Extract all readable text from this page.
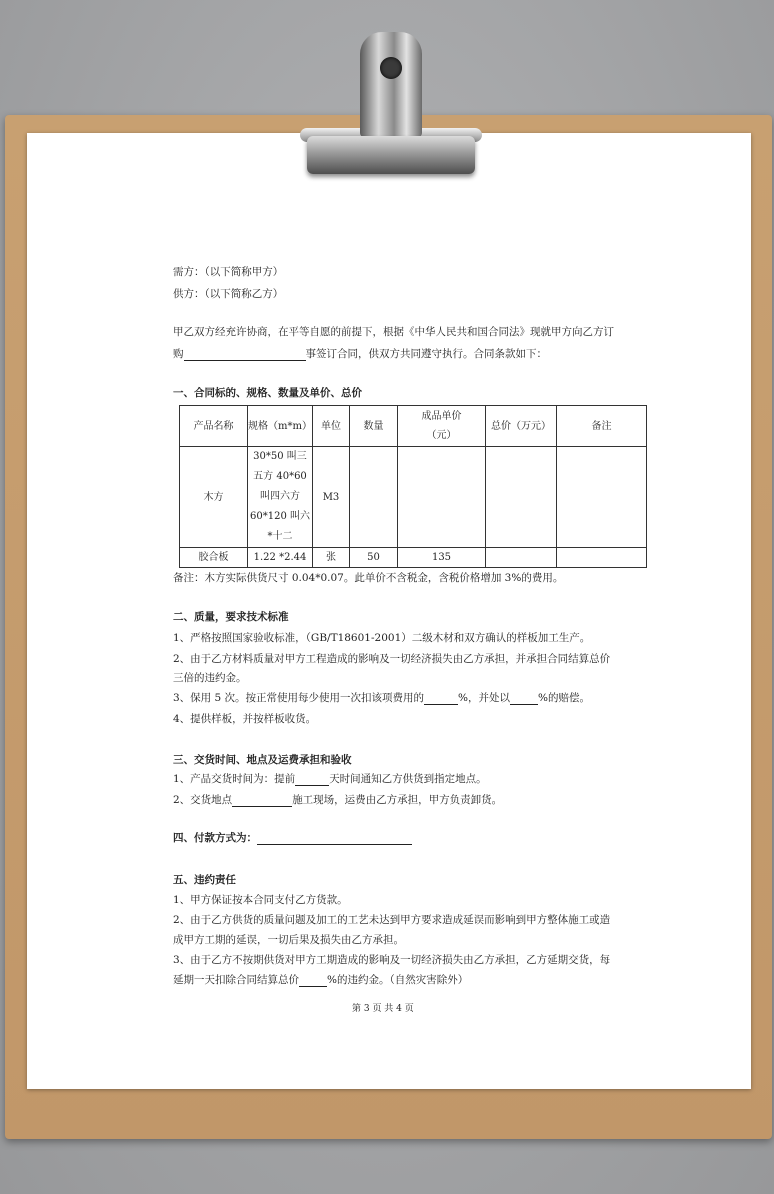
需方：（以下简称甲方）
供方：（以下简称乙方）
甲乙双方经充许协商，在平等自愿的前提下，根据《中华人民共和国合同法》现就甲方向乙方订
购	事签订合同，供双方共同遵守执行。合同条款如下：
一、合同标的、规格、数量及单价、总价
产品名称	规格（m*m）	单位	数量	成品单价（元）	总价（万元）	备注
木方	30*50 叫三
五方 40*60
叫四六方
60*120 叫六
*十二	M3				
胶合板	1.22 *2.44	张	50	135		
备注：木方实际供货尺寸 0.04*0.07。此单价不含税金，含税价格增加 3%的费用。
二、质量，要求技术标准
1、严格按照国家验收标准，（GB/T18601-2001）二级木材和双方确认的样板加工生产。
2、由于乙方材料质量对甲方工程造成的影响及一切经济损失由乙方承担，并承担合同结算总价
三倍的违约金。
3、保用 5 次。按正常使用每少使用一次扣该项费用的	%，并处以	%的赔偿。
4、提供样板，并按样板收货。
三、交货时间、地点及运费承担和验收
1、产品交货时间为：提前	天时间通知乙方供货到指定地点。
2、交货地点	施工现场，运费由乙方承担，甲方负责卸货。
四、付款方式为：
五、违约责任
1、甲方保证按本合同支付乙方货款。
2、由于乙方供货的质量问题及加工的工艺未达到甲方要求造成延误而影响到甲方整体施工或造
成甲方工期的延误，一切后果及损失由乙方承担。
3、由于乙方不按期供货对甲方工期造成的影响及一切经济损失由乙方承担，乙方延期交货，每
延期一天扣除合同结算总价	%的违约金。（自然灾害除外）
第 3 页 共 4 页
